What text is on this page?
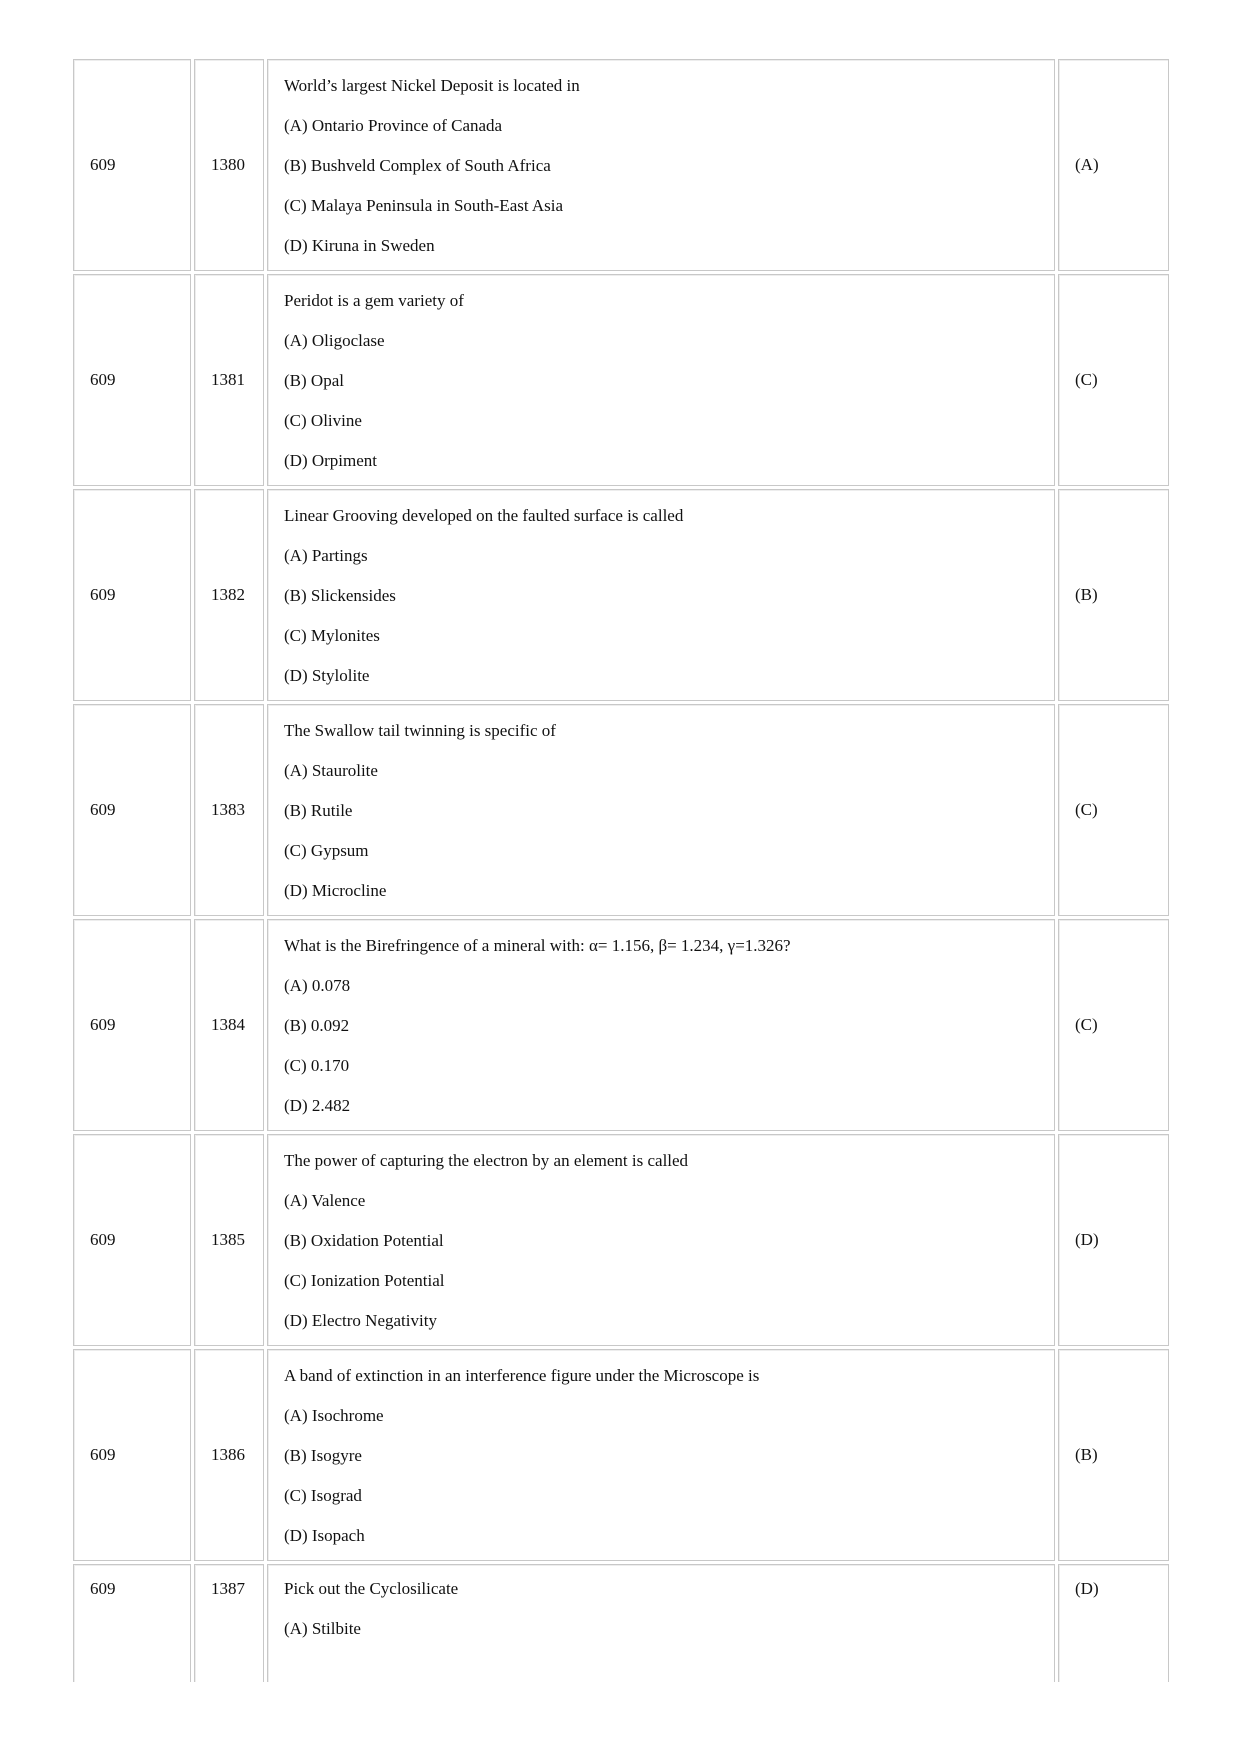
609	1380	World’s largest Nickel Deposit is located in
(A) Ontario Province of Canada
(B) Bushveld Complex of South Africa
(C) Malaya Peninsula in South-East Asia
(D) Kiruna in Sweden	(A)
609	1381	Peridot is a gem variety of
(A) Oligoclase
(B) Opal
(C) Olivine
(D) Orpiment	(C)
609	1382	Linear Grooving developed on the faulted surface is called
(A) Partings
(B) Slickensides
(C) Mylonites
(D) Stylolite	(B)
609	1383	The Swallow tail twinning is specific of
(A) Staurolite
(B) Rutile
(C) Gypsum
(D) Microcline	(C)
609	1384	What is the Birefringence of a mineral with: α= 1.156, β= 1.234, γ=1.326?
(A) 0.078
(B) 0.092
(C) 0.170
(D) 2.482	(C)
609	1385	The power of capturing the electron by an element is called
(A) Valence
(B) Oxidation Potential
(C) Ionization Potential
(D) Electro Negativity	(D)
609	1386	A band of extinction in an interference figure under the Microscope is
(A) Isochrome
(B) Isogyre
(C) Isograd
(D) Isopach	(B)
609	1387	Pick out the Cyclosilicate
(A) Stilbite	(D)
